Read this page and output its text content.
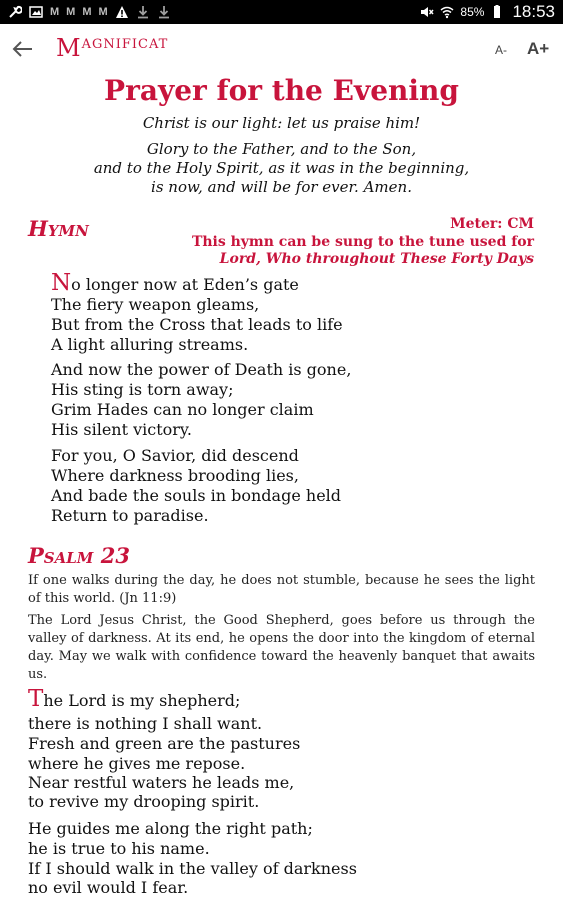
M M M M	85% 18:53
$M^{AGNIFICAT}$	A- A+
Prayer for the Evening
Christ is our light: let us praise him!
Glory to the Father, and to the Son,
and to the Holy Spirit, as it was in the beginning,
is now, and will be for ever. Amen.
Hymn	Meter: CM
This hymn can be sung to the tune used for
Lord, Who throughout These Forty Days
No longer now at Eden’s gate
The fiery weapon gleams,
But from the Cross that leads to life
A light alluring streams.
And now the power of Death is gone,
His sting is torn away;
Grim Hades can no longer claim
His silent victory.
For you, O Savior, did descend
Where darkness brooding lies,
And bade the souls in bondage held
Return to paradise.
Psalm 23
If one walks during the day, he does not stumble, because he sees the light of this world. (Jn 11:9)
The Lord Jesus Christ, the Good Shepherd, goes before us through the valley of darkness. At its end, he opens the door into the kingdom of eternal day. May we walk with confidence toward the heavenly banquet that awaits us.
The Lord is my shepherd;
there is nothing I shall want.
Fresh and green are the pastures
where he gives me repose.
Near restful waters he leads me,
to revive my drooping spirit.
He guides me along the right path;
he is true to his name.
If I should walk in the valley of darkness
no evil would I fear.
